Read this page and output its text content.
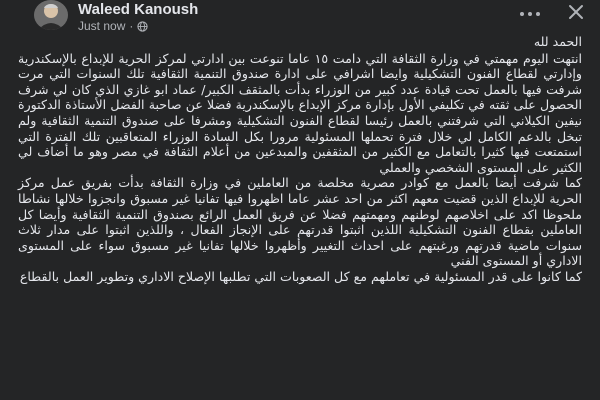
Waleed Kanoush
Just now ·

الحمد لله

انتهت اليوم مهمتي في وزارة الثقافة التي دامت ١٥ عاما تنوعت بين ادارتي لمركز الحرية للإبداع بالإسكندرية وإدارتي لقطاع الفنون التشكيلية وايضا اشرافي على ادارة صندوق التنمية الثقافية تلك السنوات التي مرت شرفت فيها بالعمل تحت قيادة عدد كبير من الوزراء بدأت بالمثقف الكبير/ عماد ابو غازي الذي كان لي شرف الحصول على ثقته في تكليفي الأول بإدارة مركز الإبداع بالإسكندرية فضلا عن صاحبة الفضل الأستاذة الدكتورة نيفين الكيلاني التي شرفتني بالعمل رئيسا لقطاع الفنون التشكيلية ومشرفا على صندوق التنمية الثقافية ولم تبخل بالدعم الكامل لي خلال فترة تحملها المسئولية مرورا بكل السادة الوزراء المتعاقبين تلك الفترة التي استمتعت فيها كثيرا بالتعامل مع الكثير من المثقفين والمبدعين من أعلام الثقافة في مصر وهو ما أضاف لي الكثير على المستوى الشخصي والعملي

كما شرفت أيضا بالعمل مع كوادر مصرية مخلصة من العاملين في وزارة الثقافة بدأت بفريق عمل مركز الحرية للإبداع الذين قضيت معهم اكثر من احد عشر عاما اظهروا فيها تفانيا غير مسبوق وانجزوا خلالها نشاطا ملحوظا اكد على اخلاصهم لوطنهم ومهمتهم فضلا عن فريق العمل الرائع بصندوق التنمية الثقافية وأيضا كل العاملين بقطاع الفنون التشكيلية اللذين اثبتوا قدرتهم على الإنجاز الفعال ، واللذين اثبتوا على مدار ثلاث سنوات ماضية قدرتهم ورغبتهم على احداث التغيير وأظهروا خلالها تفانيا غير مسبوق سواء على المستوى الاداري أو المستوى الفني

كما كانوا على قدر المسئولية في تعاملهم مع كل الصعوبات التي تطلبها الإصلاح الاداري وتطوير العمل بالقطاع
